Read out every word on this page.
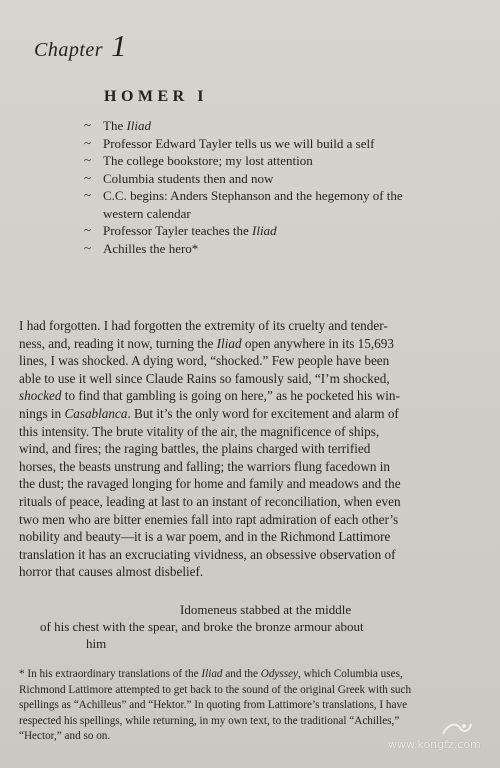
Chapter 1
HOMER I
~ The Iliad
~ Professor Edward Tayler tells us we will build a self
~ The college bookstore; my lost attention
~ Columbia students then and now
~ C.C. begins: Anders Stephanson and the hegemony of the
western calendar
~ Professor Tayler teaches the Iliad
~ Achilles the hero*
I had forgotten. I had forgotten the extremity of its cruelty and tender-
ness, and, reading it now, turning the Iliad open anywhere in its 15,693
lines, I was shocked. A dying word, “shocked.” Few people have been
able to use it well since Claude Rains so famously said, “I’m shocked,
shocked to find that gambling is going on here,” as he pocketed his win-
nings in Casablanca. But it’s the only word for excitement and alarm of
this intensity. The brute vitality of the air, the magnificence of ships,
wind, and fires; the raging battles, the plains charged with terrified
horses, the beasts unstrung and falling; the warriors flung facedown in
the dust; the ravaged longing for home and family and meadows and the
rituals of peace, leading at last to an instant of reconciliation, when even
two men who are bitter enemies fall into rapt admiration of each other’s
nobility and beauty—it is a war poem, and in the Richmond Lattimore
translation it has an excruciating vividness, an obsessive observation of
horror that causes almost disbelief.
Idomeneus stabbed at the middle
of his chest with the spear, and broke the bronze armour about
him
* In his extraordinary translations of the Iliad and the Odyssey, which Columbia uses,
Richmond Lattimore attempted to get back to the sound of the original Greek with such
spellings as “Achilleus” and “Hektor.” In quoting from Lattimore’s translations, I have
respected his spellings, while returning, in my own text, to the traditional “Achilles,”
“Hector,” and so on.
www.kongfz.com
